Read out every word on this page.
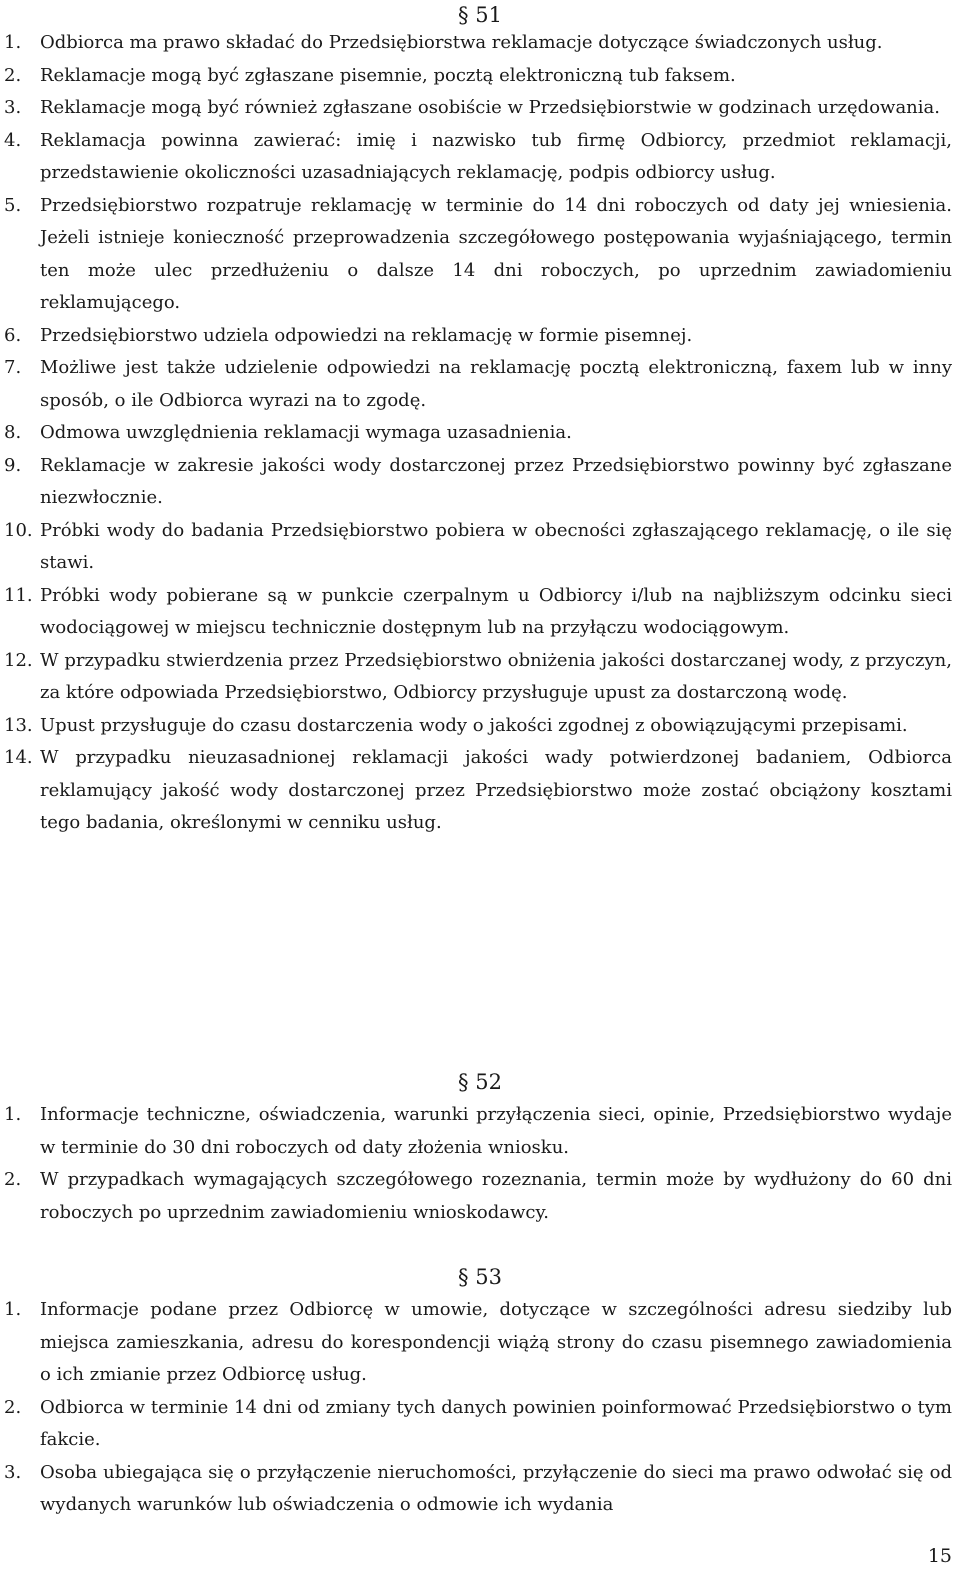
§ 51
1. Odbiorca ma prawo składać do Przedsiębiorstwa reklamacje dotyczące świadczonych usług.
2. Reklamacje mogą być zgłaszane pisemnie, pocztą elektroniczną tub faksem.
3. Reklamacje mogą być również zgłaszane osobiście w Przedsiębiorstwie w godzinach urzędowania.
4. Reklamacja powinna zawierać: imię i nazwisko tub firmę Odbiorcy, przedmiot reklamacji, przedstawienie okoliczności uzasadniających reklamację, podpis odbiorcy usług.
5. Przedsiębiorstwo rozpatruje reklamację w terminie do 14 dni roboczych od daty jej wniesienia. Jeżeli istnieje konieczność przeprowadzenia szczegółowego postępowania wyjaśniającego, termin ten może ulec przedłużeniu o dalsze 14 dni roboczych, po uprzednim zawiadomieniu reklamującego.
6. Przedsiębiorstwo udziela odpowiedzi na reklamację w formie pisemnej.
7. Możliwe jest także udzielenie odpowiedzi na reklamację pocztą elektroniczną, faxem lub w inny sposób, o ile Odbiorca wyrazi na to zgodę.
8. Odmowa uwzględnienia reklamacji wymaga uzasadnienia.
9. Reklamacje w zakresie jakości wody dostarczonej przez Przedsiębiorstwo powinny być zgłaszane niezwłocznie.
10. Próbki wody do badania Przedsiębiorstwo pobiera w obecności zgłaszającego reklamację, o ile się stawi.
11. Próbki wody pobierane są w punkcie czerpalnym u Odbiorcy i/lub na najbliższym odcinku sieci wodociągowej w miejscu technicznie dostępnym lub na przyłączu wodociągowym.
12. W przypadku stwierdzenia przez Przedsiębiorstwo obniżenia jakości dostarczanej wody, z przyczyn, za które odpowiada Przedsiębiorstwo, Odbiorcy przysługuje upust za dostarczoną wodę.
13. Upust przysługuje do czasu dostarczenia wody o jakości zgodnej z obowiązującymi przepisami.
14. W przypadku nieuzasadnionej reklamacji jakości wady potwierdzonej badaniem, Odbiorca reklamujący jakość wody dostarczonej przez Przedsiębiorstwo może zostać obciążony kosztami tego badania, określonymi w cenniku usług.
§ 52
1. Informacje techniczne, oświadczenia, warunki przyłączenia sieci, opinie, Przedsiębiorstwo wydaje w terminie do 30 dni roboczych od daty złożenia wniosku.
2. W przypadkach wymagających szczegółowego rozeznania, termin może by wydłużony do 60 dni roboczych po uprzednim zawiadomieniu wnioskodawcy.
§ 53
1. Informacje podane przez Odbiorcę w umowie, dotyczące w szczególności adresu siedziby lub miejsca zamieszkania, adresu do korespondencji wiążą strony do czasu pisemnego zawiadomienia o ich zmianie przez Odbiorcę usług.
2. Odbiorca w terminie 14 dni od zmiany tych danych powinien poinformować Przedsiębiorstwo o tym fakcie.
3. Osoba ubiegająca się o przyłączenie nieruchomości, przyłączenie do sieci ma prawo odwołać się od wydanych warunków lub oświadczenia o odmowie ich wydania
15
